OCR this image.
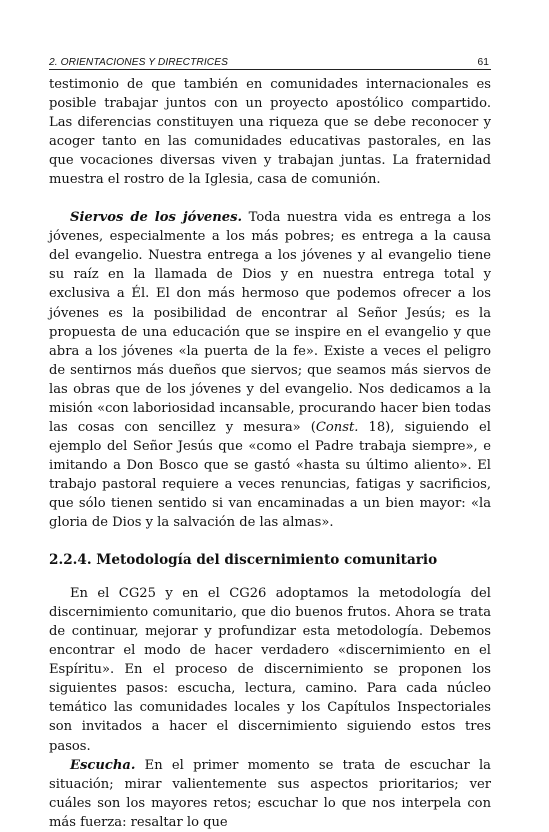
2. ORIENTACIONES Y DIRECTRICES	61

testimonio de que también en comunidades internacionales es posible trabajar juntos con un proyecto apostólico compartido. Las diferencias constituyen una riqueza que se debe reconocer y acoger tanto en las comunidades educativas pastorales, en las que vocaciones diversas viven y trabajan juntas. La fraternidad muestra el rostro de la Iglesia, casa de comunión.

Siervos de los jóvenes. Toda nuestra vida es entrega a los jóvenes, especialmente a los más pobres; es entrega a la causa del evangelio. Nuestra entrega a los jóvenes y al evangelio tiene su raíz en la llamada de Dios y en nuestra entrega total y exclusiva a Él. El don más hermoso que podemos ofrecer a los jóvenes es la posibilidad de encontrar al Señor Jesús; es la propuesta de una educación que se inspire en el evangelio y que abra a los jóvenes «la puerta de la fe». Existe a veces el peligro de sentirnos más dueños que siervos; que seamos más siervos de las obras que de los jóvenes y del evangelio. Nos dedicamos a la misión «con laboriosidad incansable, procurando hacer bien todas las cosas con sencillez y mesura» (Const. 18), siguiendo el ejemplo del Señor Jesús que «como el Padre trabaja siempre», e imitando a Don Bosco que se gastó «hasta su último aliento». El trabajo pastoral requiere a veces renuncias, fatigas y sacrificios, que sólo tienen sentido si van encaminadas a un bien mayor: «la gloria de Dios y la salvación de las almas».

2.2.4. Metodología del discernimiento comunitario

En el CG25 y en el CG26 adoptamos la metodología del discernimiento comunitario, que dio buenos frutos. Ahora se trata de continuar, mejorar y profundizar esta metodología. Debemos encontrar el modo de hacer verdadero «discernimiento en el Espíritu». En el proceso de discernimiento se proponen los siguientes pasos: escucha, lectura, camino. Para cada núcleo temático las comunidades locales y los Capítulos Inspectoriales son invitados a hacer el discernimiento siguiendo estos tres pasos.

Escucha. En el primer momento se trata de escuchar la situación; mirar valientemente sus aspectos prioritarios; ver cuáles son los mayores retos; escuchar lo que nos interpela con más fuerza: resaltar lo que
